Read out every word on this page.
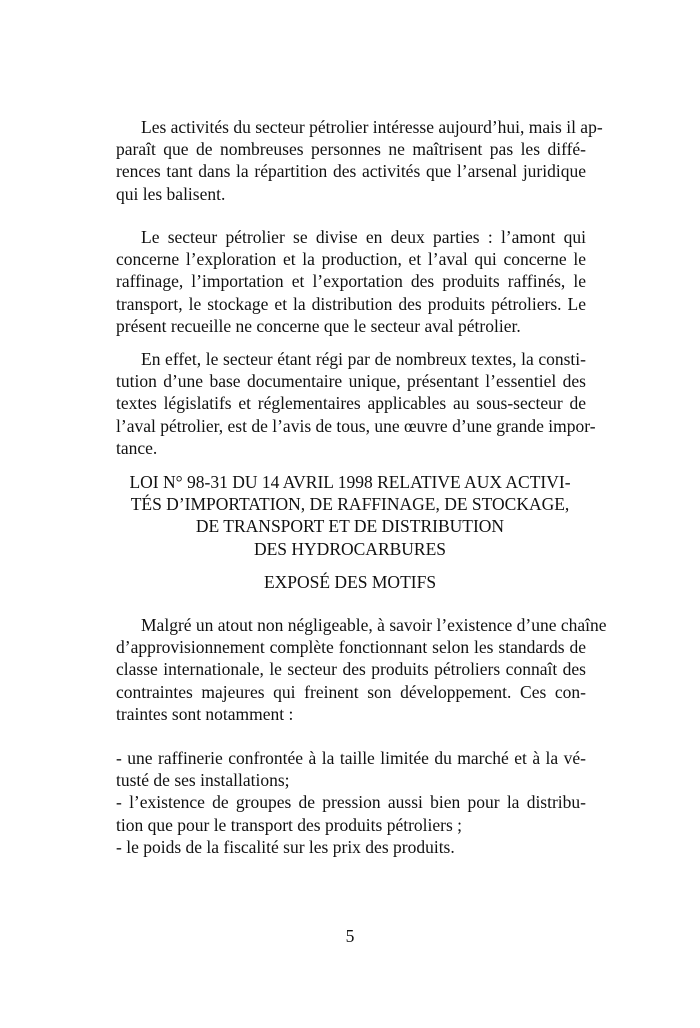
Les activités du secteur pétrolier intéresse aujourd’hui, mais il ap-
paraît que de nombreuses personnes ne maîtrisent pas les diffé-
rences tant dans la répartition des activités que l’arsenal juridique
qui les balisent.
Le secteur pétrolier se divise en deux parties : l’amont qui
concerne l’exploration et la production, et l’aval qui concerne le
raffinage, l’importation et l’exportation des produits raffinés, le
transport, le stockage et la distribution des produits pétroliers. Le
présent recueille ne concerne que le secteur aval pétrolier.
En effet, le secteur étant régi par de nombreux textes, la consti-
tution d’une base documentaire unique, présentant l’essentiel des
textes législatifs et réglementaires applicables au sous-secteur de
l’aval pétrolier, est de l’avis de tous, une œuvre d’une grande impor-
tance.
LOI N° 98-31 DU 14 AVRIL 1998 RELATIVE AUX ACTIVI-
TÉS D’IMPORTATION, DE RAFFINAGE, DE STOCKAGE,
DE TRANSPORT ET DE DISTRIBUTION
DES HYDROCARBURES
EXPOSÉ DES MOTIFS
Malgré un atout non négligeable, à savoir l’existence d’une chaîne
d’approvisionnement complète fonctionnant selon les standards de
classe internationale, le secteur des produits pétroliers connaît des
contraintes majeures qui freinent son développement. Ces con-
traintes sont notamment :
- une raffinerie confrontée à la taille limitée du marché et à la vé-
tusté de ses installations;
- l’existence de groupes de pression aussi bien pour la distribu-
tion que pour le transport des produits pétroliers ;
- le poids de la fiscalité sur les prix des produits.
5
